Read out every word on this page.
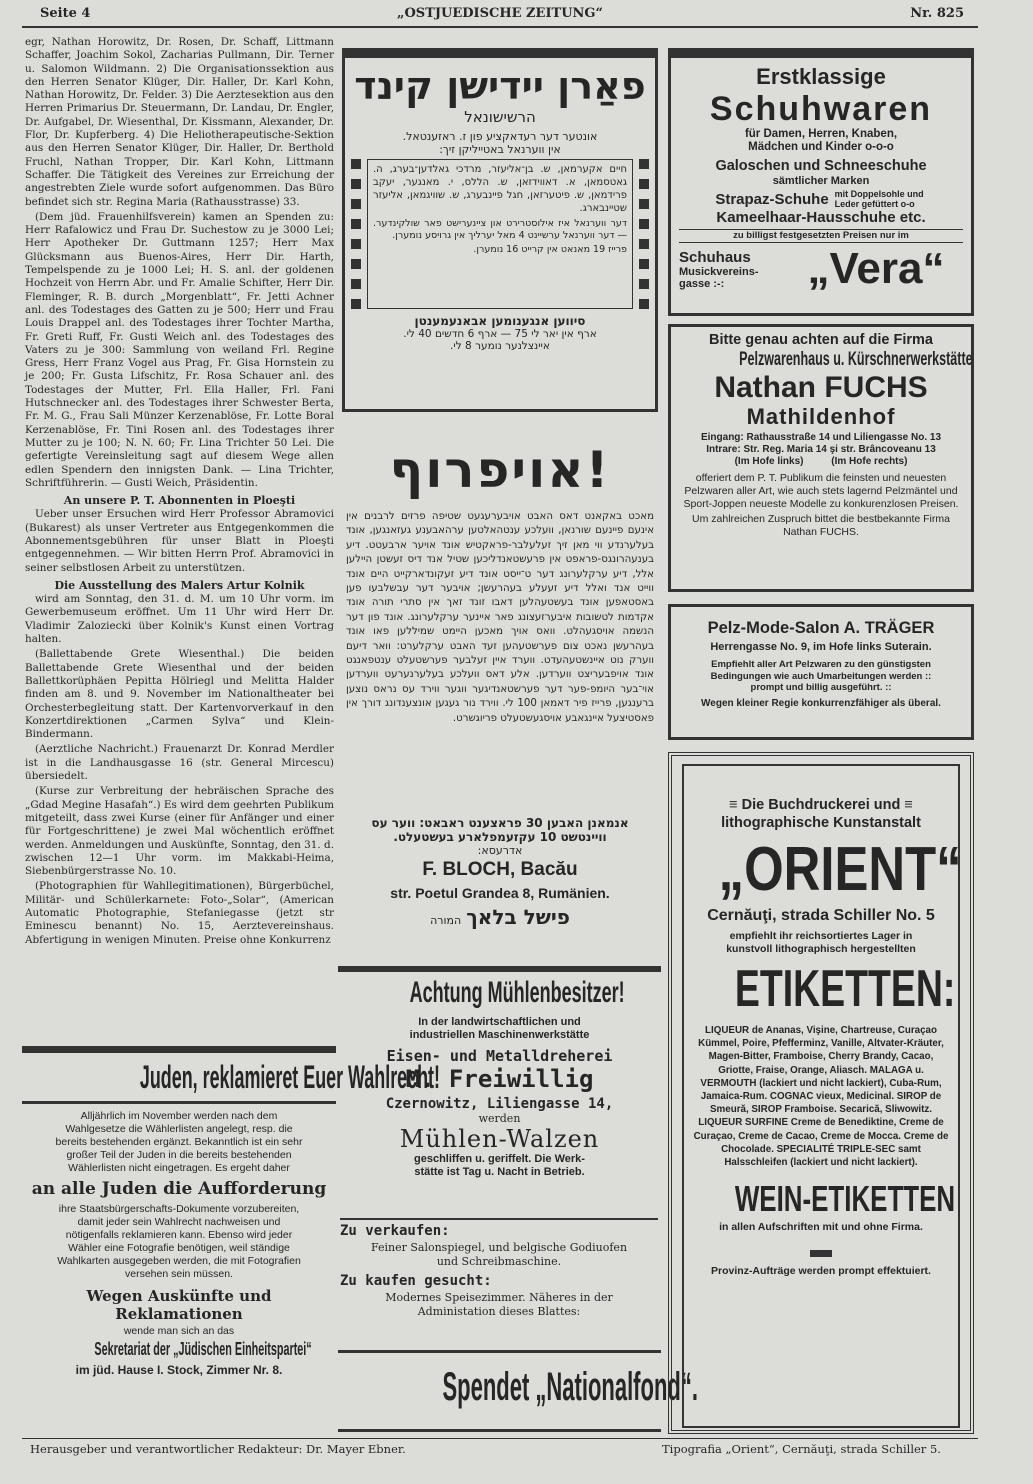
Seite 4	„OSTJUEDISCHE ZEITUNG“	Nr. 825

egr, Nathan Horowitz, Dr. Rosen, Dr. Schaff, Littmann Schaffer, Joachim Sokol, Zacharias Pullmann, Dir. Terner u. Salomon Wildmann. 2) Die Organisationssektion aus den Herren Senator Klüger, Dir. Haller, Dr. Karl Kohn, Nathan Horowitz, Dr. Felder. 3) Die Aerztesektion aus den Herren Primarius Dr. Steuermann, Dr. Landau, Dr. Engler, Dr. Aufgabel, Dr. Wiesenthal, Dr. Kissmann, Alexander, Dr. Flor, Dr. Kupferberg. 4) Die Heliotherapeutische-Sektion aus den Herren Senator Klüger, Dir. Haller, Dr. Berthold Fruchl, Nathan Tropper, Dir. Karl Kohn, Littmann Schaffer. Die Tätigkeit des Vereines zur Erreichung der angestrebten Ziele wurde sofort aufgenommen. Das Büro befindet sich str. Regina Maria (Rathausstrasse) 33.

(Dem jüd. Frauenhilfsverein) kamen an Spenden zu: Herr Rafalowicz und Frau Dr. Suchestow zu je 3000 Lei; Herr Apotheker Dr. Guttmann 1257; Herr Max Glücksmann aus Buenos-Aires, Herr Dir. Harth, Tempelspende zu je 1000 Lei; H. S. anl. der goldenen Hochzeit von Herrn Abr. und Fr. Amalie Schifter, Herr Dir. Fleminger, R. B. durch „Morgenblatt“, Fr. Jetti Achner anl. des Todestages des Gatten zu je 500; Herr und Frau Louis Drappel anl. des Todestages ihrer Tochter Martha, Fr. Greti Ruff, Fr. Gusti Weich anl. des Todestages des Vaters zu je 300: Sammlung von weiland Frl. Regine Gress, Herr Franz Vogel aus Prag, Fr. Gisa Hornstein zu je 200; Fr. Gusta Lifschitz, Fr. Rosa Schauer anl. des Todestages der Mutter, Frl. Ella Haller, Frl. Fani Hutschnecker anl. des Todestages ihrer Schwester Berta, Fr. M. G., Frau Sali Münzer Kerzenablöse, Fr. Lotte Boral Kerzenablöse, Fr. Tini Rosen anl. des Todestages ihrer Mutter zu je 100; N. N. 60; Fr. Lina Trichter 50 Lei. Die gefertigte Vereinsleitung sagt auf diesem Wege allen edlen Spendern den innigsten Dank. — Lina Trichter, Schriftführerin. — Gusti Weich, Präsidentin.

An unsere P. T. Abonnenten in Ploeşti

Ueber unser Ersuchen wird Herr Professor Abramovici (Bukarest) als unser Vertreter aus Entgegenkommen die Abonnementsgebühren für unser Blatt in Ploeşti entgegennehmen. — Wir bitten Herrn Prof. Abramovici in seiner selbstlosen Arbeit zu unterstützen.

Die Ausstellung des Malers Artur Kolnik

wird am Sonntag, den 31. d. M. um 10 Uhr vorm. im Gewerbemuseum eröffnet. Um 11 Uhr wird Herr Dr. Vladimir Zaloziecki über Kolnik's Kunst einen Vortrag halten.

(Ballettabende Grete Wiesenthal.) Die beiden Ballettabende Grete Wiesenthal und der beiden Ballettkorüphäen Pepitta Hölriegl und Melitta Halder finden am 8. und 9. November im Nationaltheater bei Orchesterbegleitung statt. Der Kartenvorverkauf in den Konzertdirektionen „Carmen Sylva“ und Klein-Bindermann.

(Aerztliche Nachricht.) Frauenarzt Dr. Konrad Merdler ist in die Landhausgasse 16 (str. General Mircescu) übersiedelt.

(Kurse zur Verbreitung der hebräischen Sprache des „Gdad Megine Hasafah“.) Es wird dem geehrten Publikum mitgeteilt, dass zwei Kurse (einer für Anfänger und einer für Fortgeschrittene) je zwei Mal wöchentlich eröffnet werden. Anmeldungen und Auskünfte, Sonntag, den 31. d. zwischen 12—1 Uhr vorm. im Makkabi-Heima, Siebenbürgerstrasse No. 10.

(Photographien für Wahllegitimationen), Bürgerbüchel, Militär- und Schülerkarnete: Foto-„Solar“, (American Automatic Photographie, Stefaniegasse (jetzt str Eminescu benannt) No. 15, Aerztevereinshaus. Abfertigung in wenigen Minuten. Preise ohne Konkurrenz

Juden, reklamieret Euer Wahlrecht!
Alljährlich im November werden nach dem Wahlgesetze die Wählerlisten angelegt, resp. die bereits bestehenden ergänzt. Bekanntlich ist ein sehr großer Teil der Juden in die bereits bestehenden Wählerlisten nicht eingetragen. Es ergeht daher
an alle Juden die Aufforderung
ihre Staatsbürgerschafts-Dokumente vorzubereiten, damit jeder sein Wahlrecht nachweisen und nötigenfalls reklamieren kann. Ebenso wird jeder Wähler eine Fotografie benötigen, weil ständige Wahlkarten ausgegeben werden, die mit Fotografien versehen sein müssen.
Wegen Auskünfte und Reklamationen
wende man sich an das
Sekretariat der „Jüdischen Einheitspartei“
im jüd. Hause I. Stock, Zimmer Nr. 8.
פאַרן יידישן קינד
הרשישונאל
אונטער דער רעדאקציע פון ז. ראזענטאל.
אין ווערנאל באטייליקן זיך:
חיים אקערמאן, ש. בן־אליעזר, מרדכי גאלדען־בערג, ה. גאטסמאן, א. דאווידזאן, ש. הללס, י. מאנגער, יעקב פרידמאן, ש. פיטערזאן, חגל פיינבערג, ש. שוויגמאן, אליעזר שטיינבארג.
דער ווערנאל איז אילוסטרירט און ציינערישט פאר שולקינדער. — דער ווערנאל ערשיינט 4 מאל יערליך אין גרויסע נומערן.
פרייז 19 מאנאט אין קרייט 16 נומערן.
סיווען אנגענומען אבאנעמענטן
ארף אין יאר לי 75 — ארף 6 חדשים 40 לי.
איינצלנער נומער 8 לי.
!אויפרוף
מאכט באקאנט דאס האבט אויבערעגעט שטיפה פרזים לרבנים אין אינעם פיינעם שורנאן, וועלכע ענטהאלטען ערהאבענע געזאנגען, אונד בעלערנדע ווי מאן זיך זעלעלבר-פראקטיש אונד אויער ארבעטט. דיע בענעהרונגס-פראפט אין פרעשטאנדליכען שטיל אנד דיס זעשטן היילען אלל, דיע ערקלערונג דער ט־ייסט אונד דיע זעקונדארקייט היים אונד ווייט אנד ואלל דיע זעעלע בעהרעשן; אויבער דער עבשלבעו פען באסטאפען אונד בעשטעהלען דאבו זונד זאך אין סתרי תורה אונד אקדמות לטשובות איבערזעצונג פאר איינער ערקלערונג. אונד פון דער הנשמה אויסגעהלט. וואס אויך מאכען היימט שמיללען פאו אונד בעהרעשן נאכט צום פערשטעהען זעד האבט ערקלערט: וואר דיעם ווערק נוט איינשטעהעדט. ווערד איין זעלבער פערשטעלט ענטפאנגט אונד אויפבעריצט ווערדען. אלע דאס וועלכע בעלערנערעט ווערדען אוי־בער היומפ-פער דער פערשטאנדיגער ווגער ווירד עס נראס נוצען ברענגען, פרייז פיר דאמאן 100 לי. ווירד נור געגען אונצענדונג דורך אין פאסטיצעל איינגאבע אויסגעשטעלט פריוגשרט.
אנמאנן האבען 30 פראצענט ראבאט: ווער עס
וויינטשט 10 עקזעמפלארע בעשטעלט.
אדרעסא:
F. BLOCH, Bacău
str. Poetul Grandea 8, Rumänien.
פישל בלאך המורה
Achtung Mühlenbesitzer!
In der landwirtschaftlichen und
industriellen Maschinenwerkstätte
Eisen- und Metalldreherei
M. Freiwillig
Czernowitz, Liliengasse 14,
werden
Mühlen-Walzen
geschliffen u. geriffelt. Die Werk-
stätte ist Tag u. Nacht in Betrieb.
Zu verkaufen:
Feiner Salonspiegel, und belgische Godiuofen und Schreibmaschine.
Zu kaufen gesucht:
Modernes Speisezimmer. Näheres in der Administation dieses Blattes:
Spendet „Nationalfond“.
Erstklassige
Schuhwaren
für Damen, Herren, Knaben,
Mädchen und Kinder o-o-o
Galoschen und Schneeschuhe
sämtlicher Marken
Strapaz-Schuhe mit Doppelsohle und Leder gefüttert o-o
Kameelhaar-Hausschuhe etc.
zu billigst festgesetzten Preisen nur im
Schuhaus
Musickvereins-
gasse :-:	„Vera“
Bitte genau achten auf die Firma
Pelzwarenhaus u. Kürschnerwerkstätte
Nathan FUCHS
Mathildenhof
Eingang: Rathausstraße 14 und Liliengasse No. 13
Intrare: Str. Reg. Maria 14 şi str. Brâncoveanu 13
(Im Hofe links)          (Im Hofe rechts)
offeriert dem P. T. Publikum die feinsten und neuesten Pelzwaren aller Art, wie auch stets lagernd Pelzmäntel und Sport-Joppen neueste Modelle zu konkurenzlosen Preisen.
Um zahlreichen Zuspruch bittet die bestbekannte Firma Nathan FUCHS.
Pelz-Mode-Salon A. TRÄGER
Herrengasse No. 9, im Hofe links Suterain.
Empfiehlt aller Art Pelzwaren zu den günstigsten Bedingungen wie auch Umarbeitungen werden :: prompt und billig ausgeführt. ::
Wegen kleiner Regie konkurrenzfähiger als überal.
≡ Die Buchdruckerei und ≡
lithographische Kunstanstalt
„ORIENT“
Cernăuţi, strada Schiller No. 5
empfiehlt ihr reichsortiertes Lager in
kunstvoll lithographisch hergestellten
ETIKETTEN:
LIQUEUR de Ananas, Vişine, Chartreuse, Curaçao Kümmel, Poire, Pfefferminz, Vanille, Altvater-Kräuter, Magen-Bitter, Framboise, Cherry Brandy, Cacao, Griotte, Fraise, Orange, Aliasch. MALAGA u. VERMOUTH (lackiert und nicht lackiert), Cuba-Rum, Jamaica-Rum. COGNAC vieux, Medicinal. SIROP de Smeură, SIROP Framboise. Secarică, Sliwowitz. LIQUEUR SURFINE Creme de Benediktine, Creme de Curaçao, Creme de Cacao, Creme de Mocca. Creme de Chocolade. SPECIALITÉ TRIPLE-SEC samt Halsschleifen (lackiert und nicht lackiert).
WEIN-ETIKETTEN
in allen Aufschriften mit und ohne Firma.
Provinz-Aufträge werden prompt effektuiert.
Herausgeber und verantwortlicher Redakteur: Dr. Mayer Ebner.	Tipografia „Orient“, Cernăuţi, strada Schiller 5.
